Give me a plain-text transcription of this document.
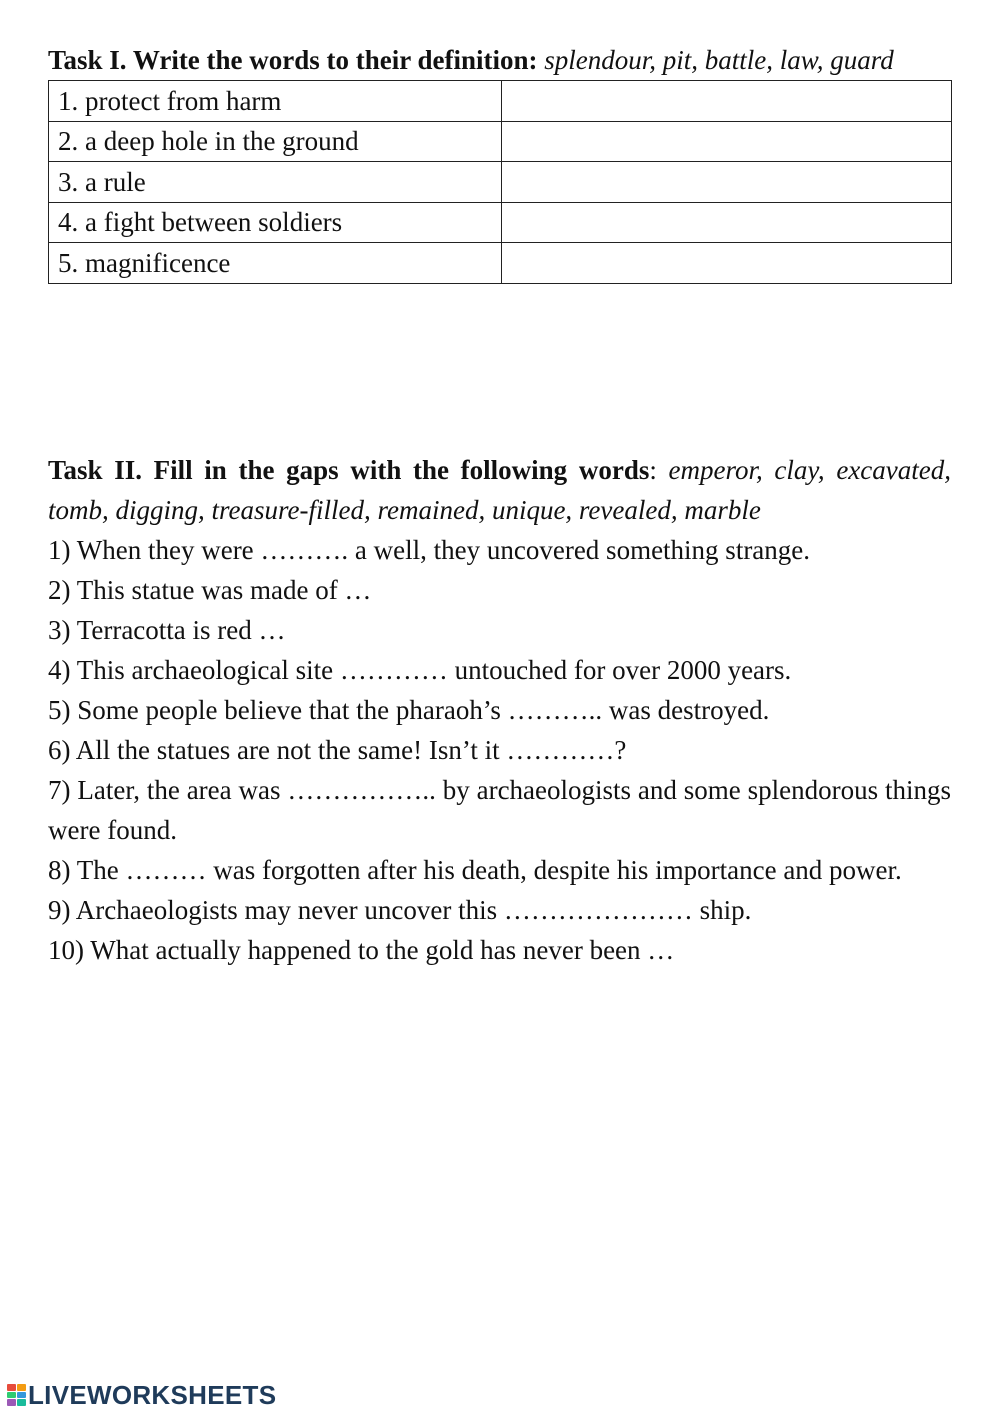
Task I. Write the words to their definition: splendour, pit, battle, law, guard

1. protect from harm	

2. a deep hole in the ground	

3. a rule	

4. a fight between soldiers	

5. magnificence	

Task II. Fill in the gaps with the following words: emperor, clay, excavated, tomb, digging, treasure-filled, remained, unique, revealed, marble

1) When they were ………. a well, they uncovered something strange.
2) This statue was made of …
3) Terracotta is red …
4) This archaeological site ………… untouched for over 2000 years.
5) Some people believe that the pharaoh’s ……….. was destroyed.
6) All the statues are not the same! Isn’t it …………?
7) Later, the area was …………….. by archaeologists and some splendorous things were found.
8) The ……… was forgotten after his death, despite his importance and power.
9) Archaeologists may never uncover this ………………… ship.
10) What actually happened to the gold has never been …
LIVEWORKSHEETS
